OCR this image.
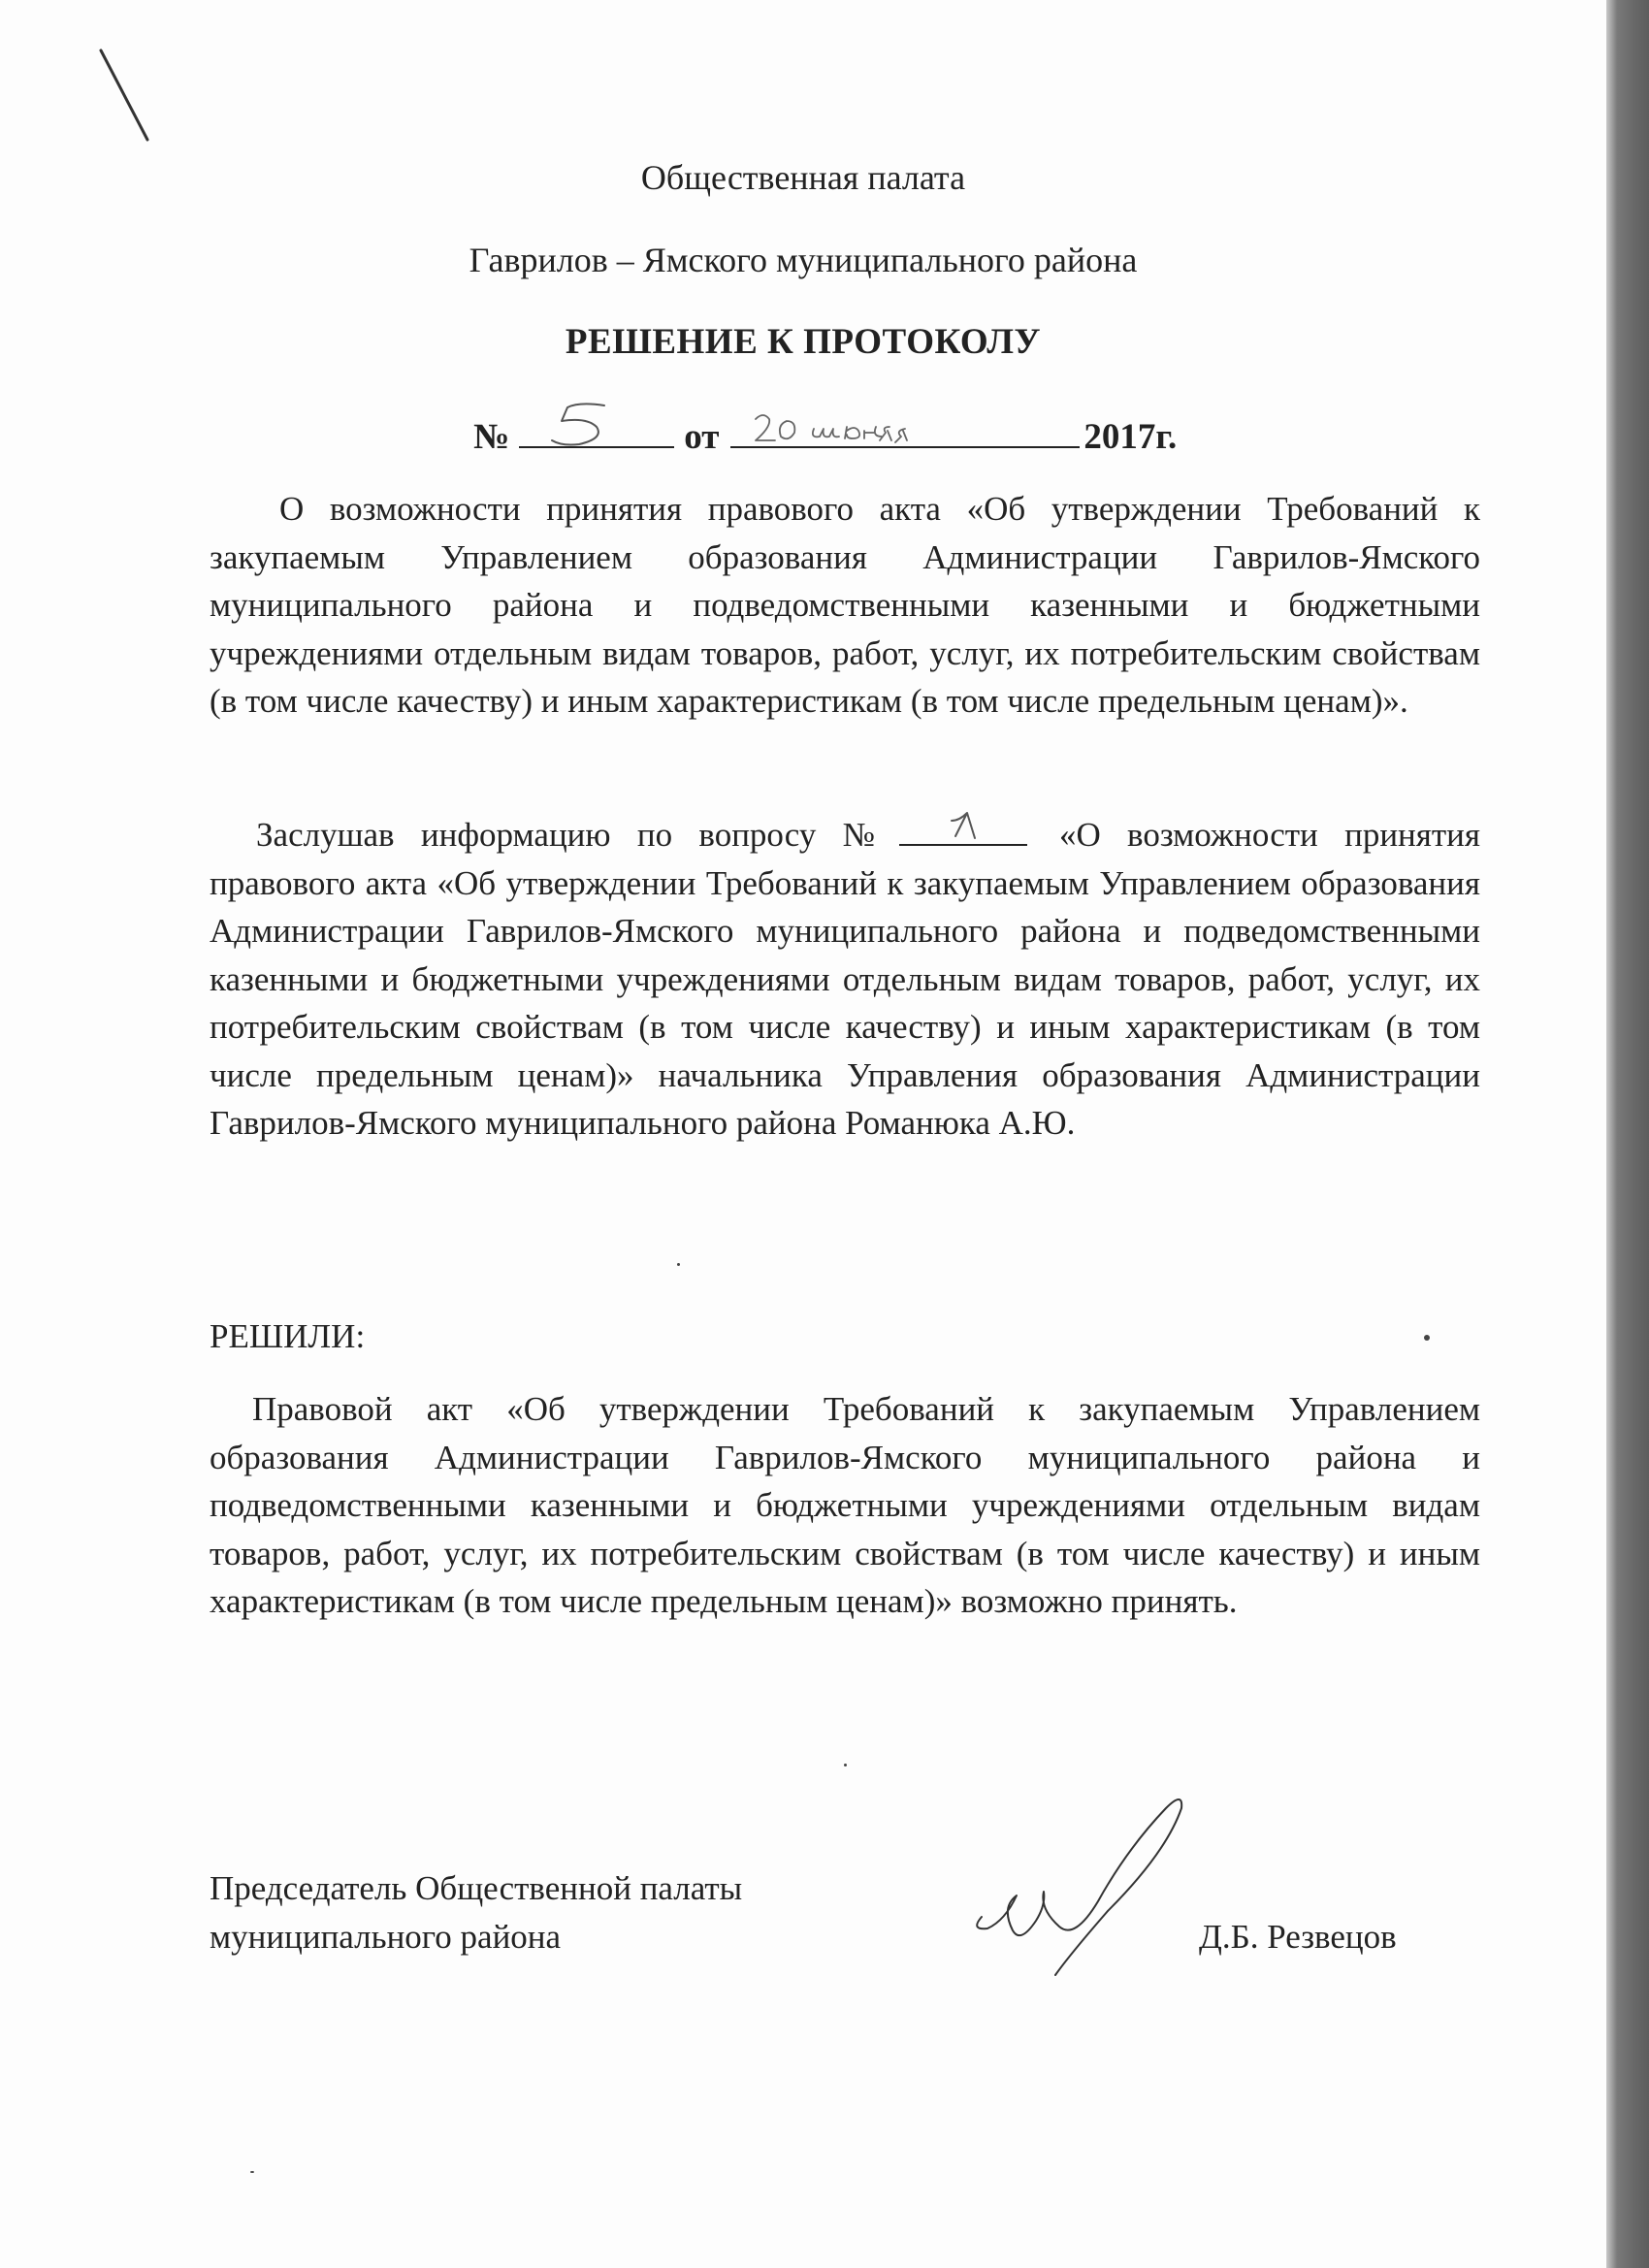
Общественная палата
Гаврилов – Ямского муниципального района
РЕШЕНИЕ К ПРОТОКОЛУ
№	от	2017г.
О возможности принятия правового акта «Об утверждении Требований к закупаемым Управлением образования Администрации Гаврилов-Ямского муниципального района и подведомственными казенными и бюджетными учреждениями отдельным видам товаров, работ, услуг, их потребительским свойствам (в том числе качеству) и иным характеристикам (в том числе предельным ценам)».
Заслушав информацию по вопросу №	«О возможности принятия правового акта «Об утверждении Требований к закупаемым Управлением образования Администрации Гаврилов-Ямского муниципального района и подведомственными казенными и бюджетными учреждениями отдельным видам товаров, работ, услуг, их потребительским свойствам (в том числе качеству) и иным характеристикам (в том числе предельным ценам)» начальника Управления образования Администрации Гаврилов-Ямского муниципального района Романюка А.Ю.
РЕШИЛИ:
Правовой акт «Об утверждении Требований к закупаемым Управлением образования Администрации Гаврилов-Ямского муниципального района и подведомственными казенными и бюджетными учреждениями отдельным видам товаров, работ, услуг, их потребительским свойствам (в том числе качеству) и иным характеристикам (в том числе предельным ценам)» возможно принять.
Председатель Общественной палаты
муниципального района	Д.Б. Резвецов
